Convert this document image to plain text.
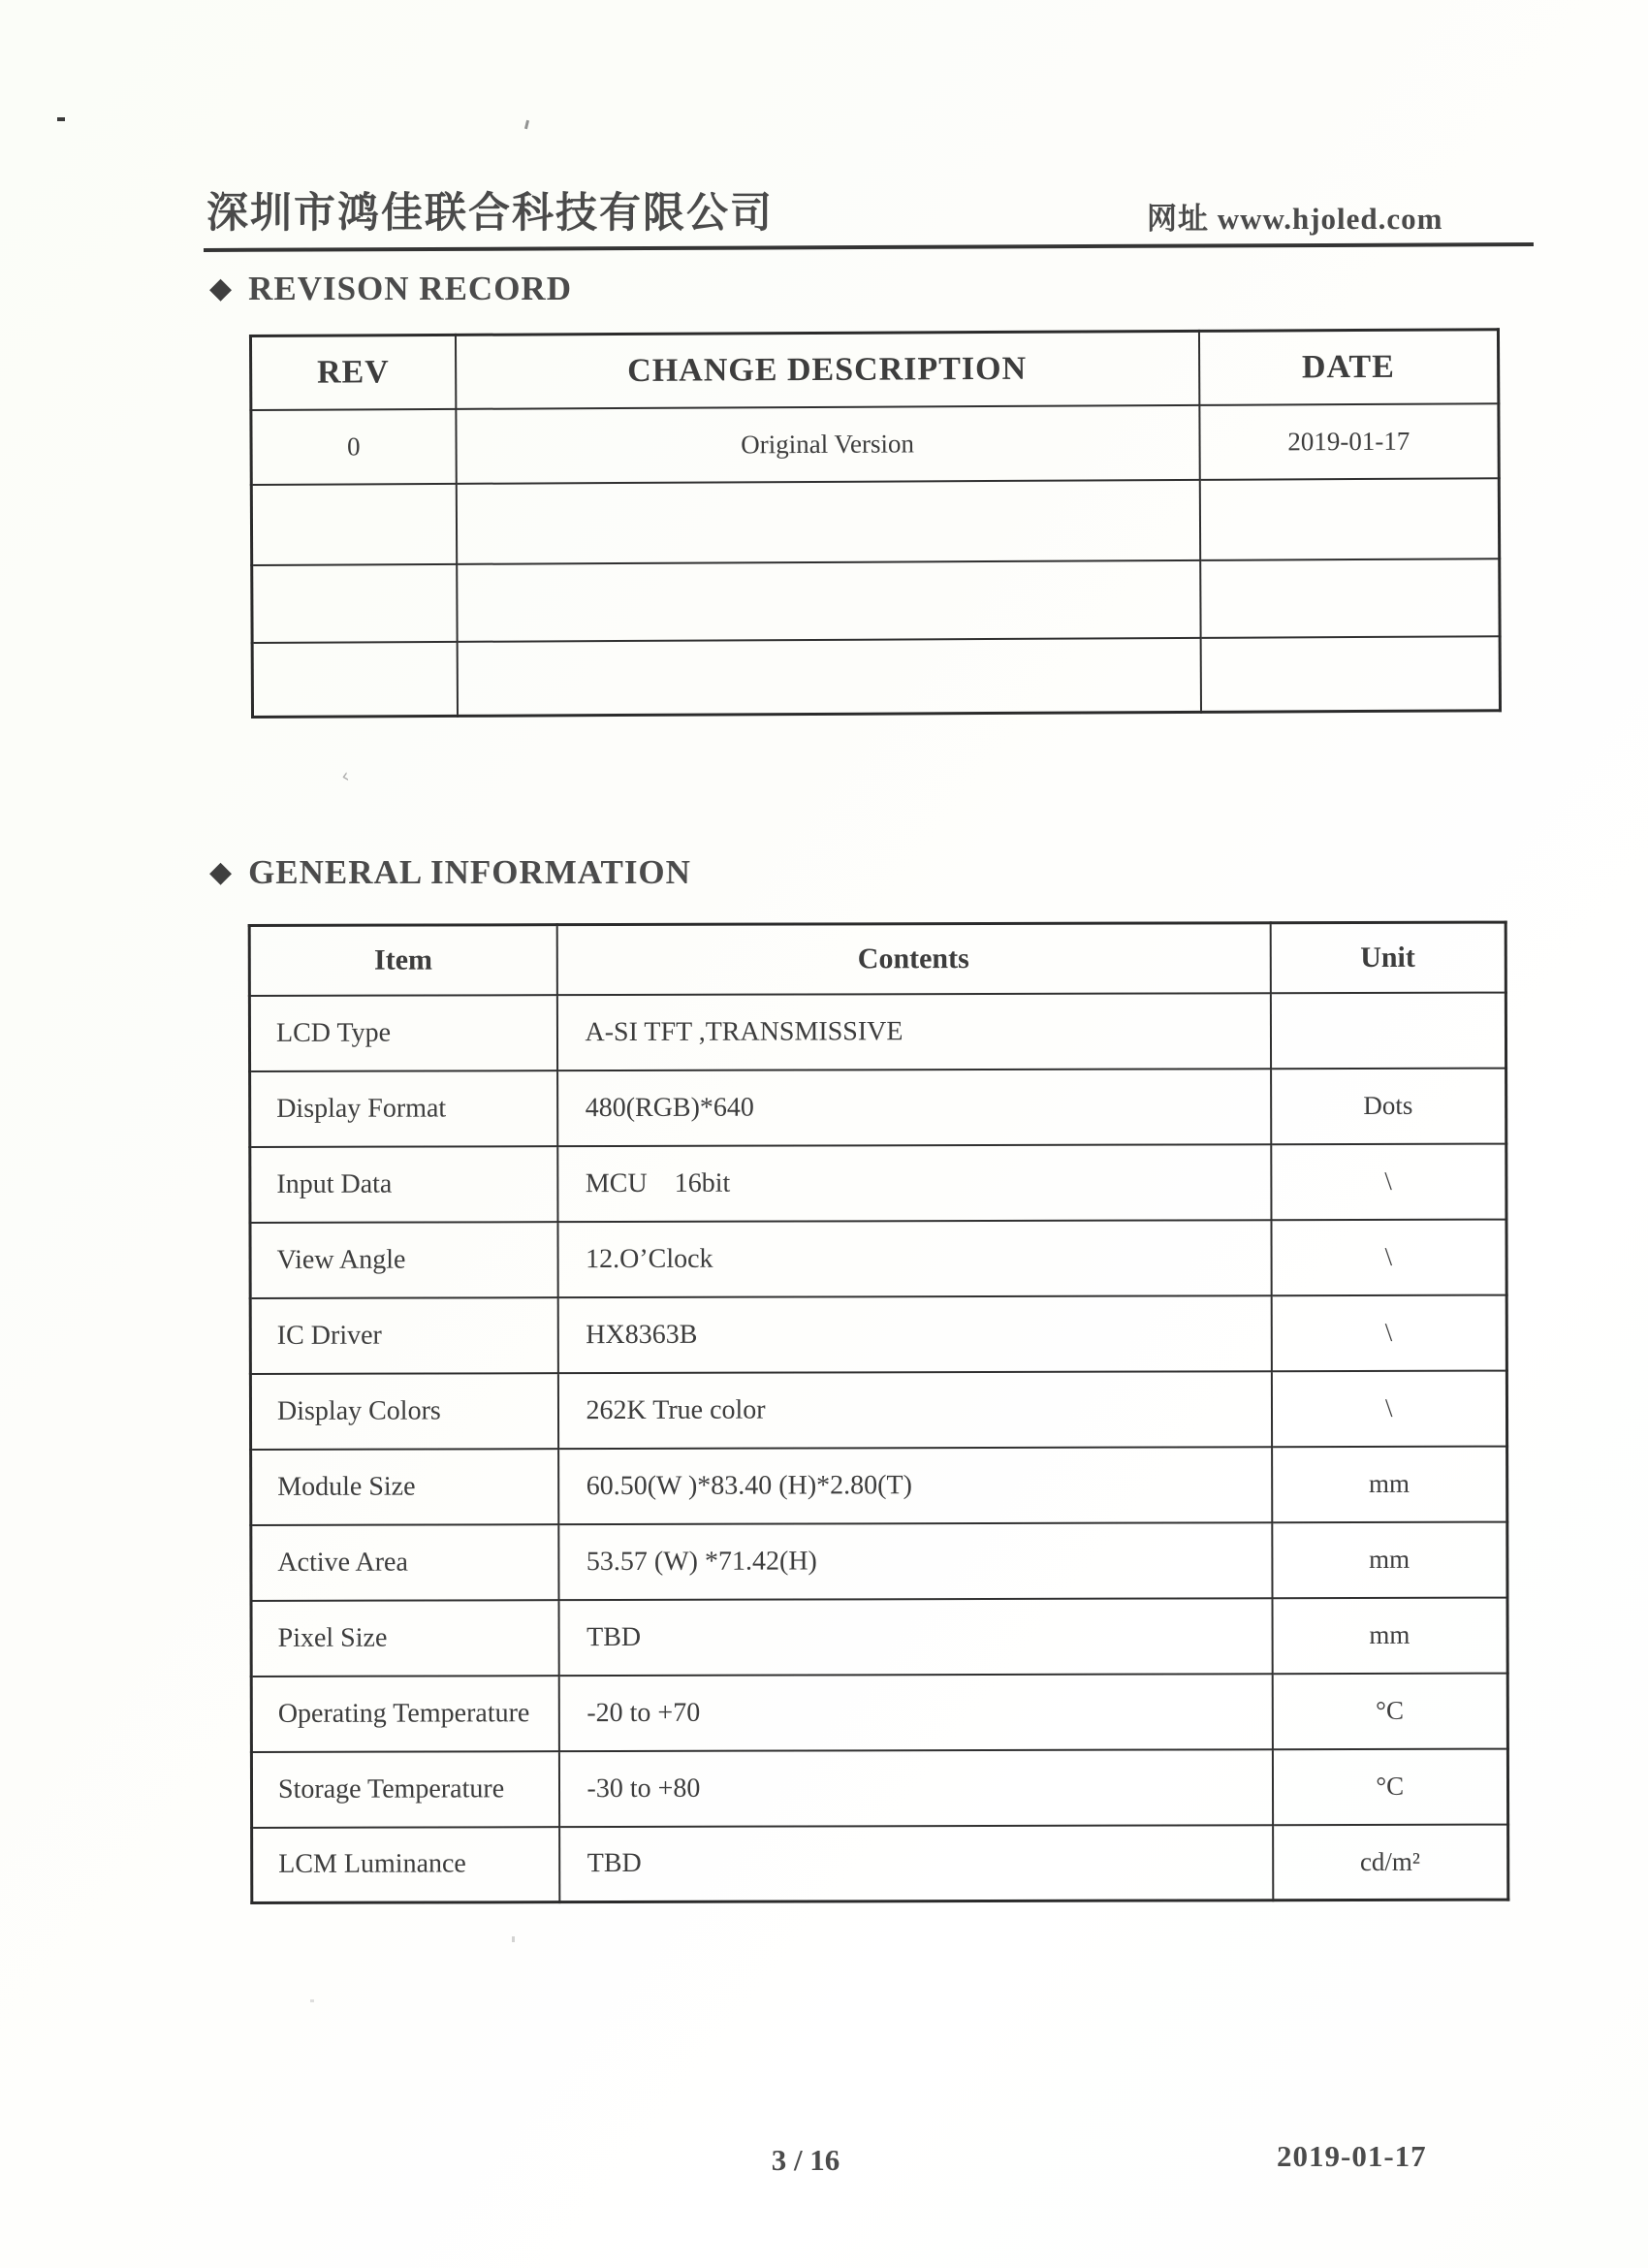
深圳市鸿佳联合科技有限公司	网址 www.hjoled.com
◆ REVISON RECORD
REV	CHANGE DESCRIPTION	DATE
0	Original Version	2019-01-17

◆ GENERAL INFORMATION
Item	Contents	Unit
LCD Type	A-SI TFT ,TRANSMISSIVE	
Display Format	480(RGB)*640	Dots
Input Data	MCU    16bit	\
View Angle	12.O’Clock	\
IC Driver	HX8363B	\
Display Colors	262K True color	\
Module Size	60.50(W )*83.40 (H)*2.80(T)	mm
Active Area	53.57 (W) *71.42(H)	mm
Pixel Size	TBD	mm
Operating Temperature	-20 to +70	°C
Storage Temperature	-30 to +80	°C
LCM Luminance	TBD	cd/m²
3 / 16	2019-01-17
‹
